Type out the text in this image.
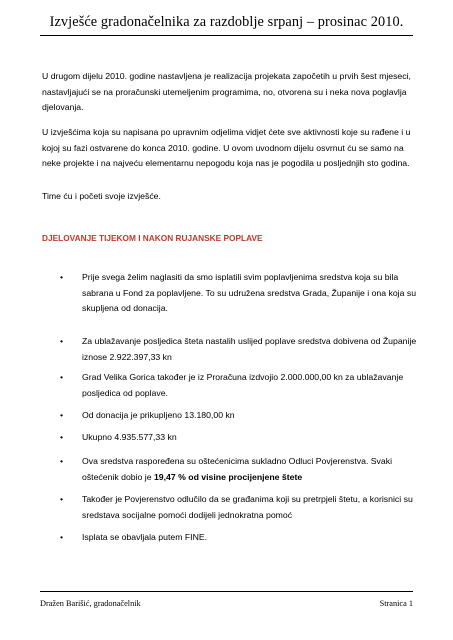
Izvješće gradonačelnika za razdoblje srpanj – prosinac 2010.

U drugom dijelu 2010. godine nastavljena je realizacija projekata započetih u prvih šest mjeseci, nastavljajući se na proračunski utemeljenim programima, no, otvorena su i neka nova poglavlja djelovanja.

U izvješćima koja su napisana po upravnim odjelima vidjet ćete sve aktivnosti koje su rađene i u kojoj su fazi ostvarene do konca 2010. godine. U ovom uvodnom dijelu osvrnut ću se samo na neke projekte i na najveću elementarnu nepogodu koja nas je pogodila u posljednjih sto godina.

Time ću i početi svoje izvješće.

DJELOVANJE TIJEKOM I NAKON RUJANSKE POPLAVE
•	Prije svega želim naglasiti da smo isplatili svim poplavljenima sredstva koja su bila sabrana u Fond za poplavljene. To su udružena sredstva Grada, Županije i ona koja su skupljena od donacija.
•	Za ublažavanje posljedica šteta nastalih uslijed poplave sredstva dobivena od Županije iznose 2.922.397,33 kn
•	Grad Velika Gorica također je iz Proračuna izdvojio 2.000.000,00 kn za ublažavanje posljedica od poplave.
•	Od donacija je prikupljeno 13.180,00 kn
•	Ukupno 4.935.577,33 kn
•	Ova sredstva raspoređena su oštećenicima sukladno Odluci Povjerenstva. Svaki oštećenik dobio je 19,47 % od visine procijenjene štete
•	Također je Povjerenstvo odlučilo da se građanima koji su pretrpjeli štetu, a korisnici su sredstava socijalne pomoći dodijeli jednokratna pomoć
•	Isplata se obavljala putem FINE.
Dražen Barišić, gradonačelnik	Stranica 1
